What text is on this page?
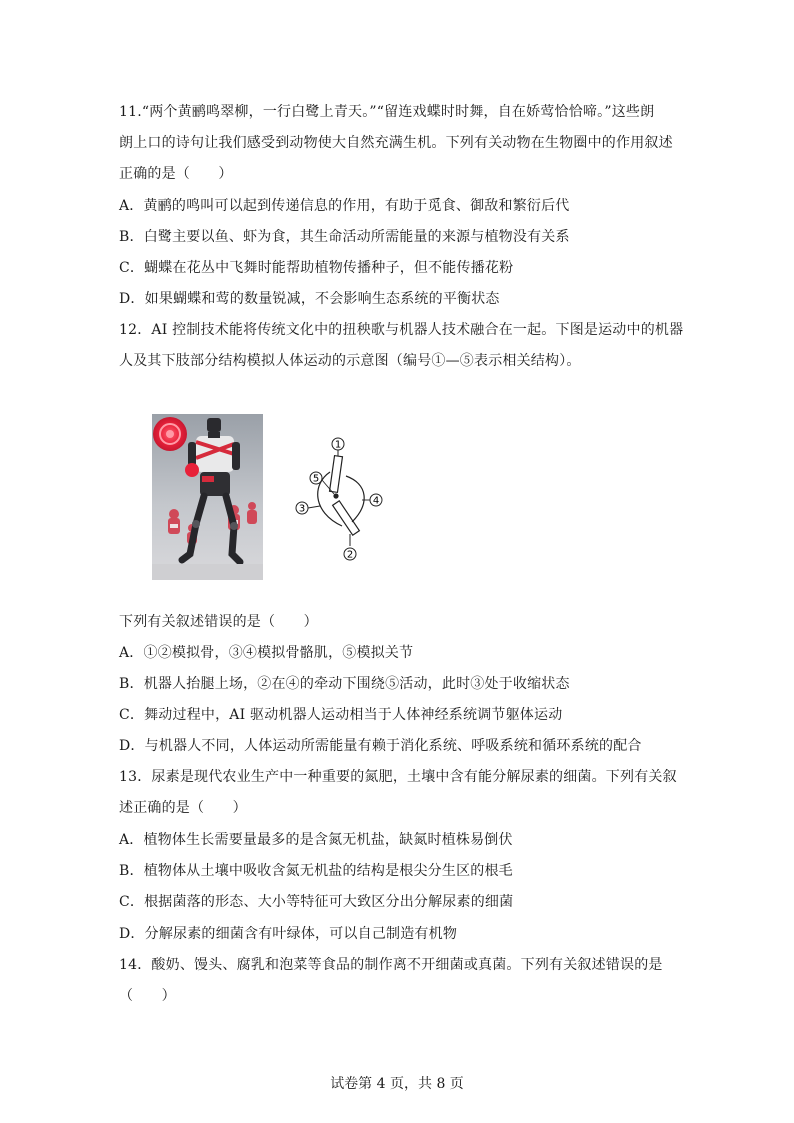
11.“两个黄鹂鸣翠柳，一行白鹭上青天。”“留连戏蝶时时舞，自在娇莺恰恰啼。”这些朗
朗上口的诗句让我们感受到动物使大自然充满生机。下列有关动物在生物圈中的作用叙述
正确的是（　　）
A．黄鹂的鸣叫可以起到传递信息的作用，有助于觅食、御敌和繁衍后代
B．白鹭主要以鱼、虾为食，其生命活动所需能量的来源与植物没有关系
C．蝴蝶在花丛中飞舞时能帮助植物传播种子，但不能传播花粉
D．如果蝴蝶和莺的数量锐减，不会影响生态系统的平衡状态
12．AI 控制技术能将传统文化中的扭秧歌与机器人技术融合在一起。下图是运动中的机器
人及其下肢部分结构模拟人体运动的示意图（编号①—⑤表示相关结构）。
1
2
3
4
5
下列有关叙述错误的是（　　）
A．①②模拟骨，③④模拟骨骼肌，⑤模拟关节
B．机器人抬腿上场，②在④的牵动下围绕⑤活动，此时③处于收缩状态
C．舞动过程中，AI 驱动机器人运动相当于人体神经系统调节躯体运动
D．与机器人不同，人体运动所需能量有赖于消化系统、呼吸系统和循环系统的配合
13．尿素是现代农业生产中一种重要的氮肥，土壤中含有能分解尿素的细菌。下列有关叙
述正确的是（　　）
A．植物体生长需要量最多的是含氮无机盐，缺氮时植株易倒伏
B．植物体从土壤中吸收含氮无机盐的结构是根尖分生区的根毛
C．根据菌落的形态、大小等特征可大致区分出分解尿素的细菌
D．分解尿素的细菌含有叶绿体，可以自己制造有机物
14．酸奶、馒头、腐乳和泡菜等食品的制作离不开细菌或真菌。下列有关叙述错误的是
（　　）
试卷第 4 页，共 8 页
